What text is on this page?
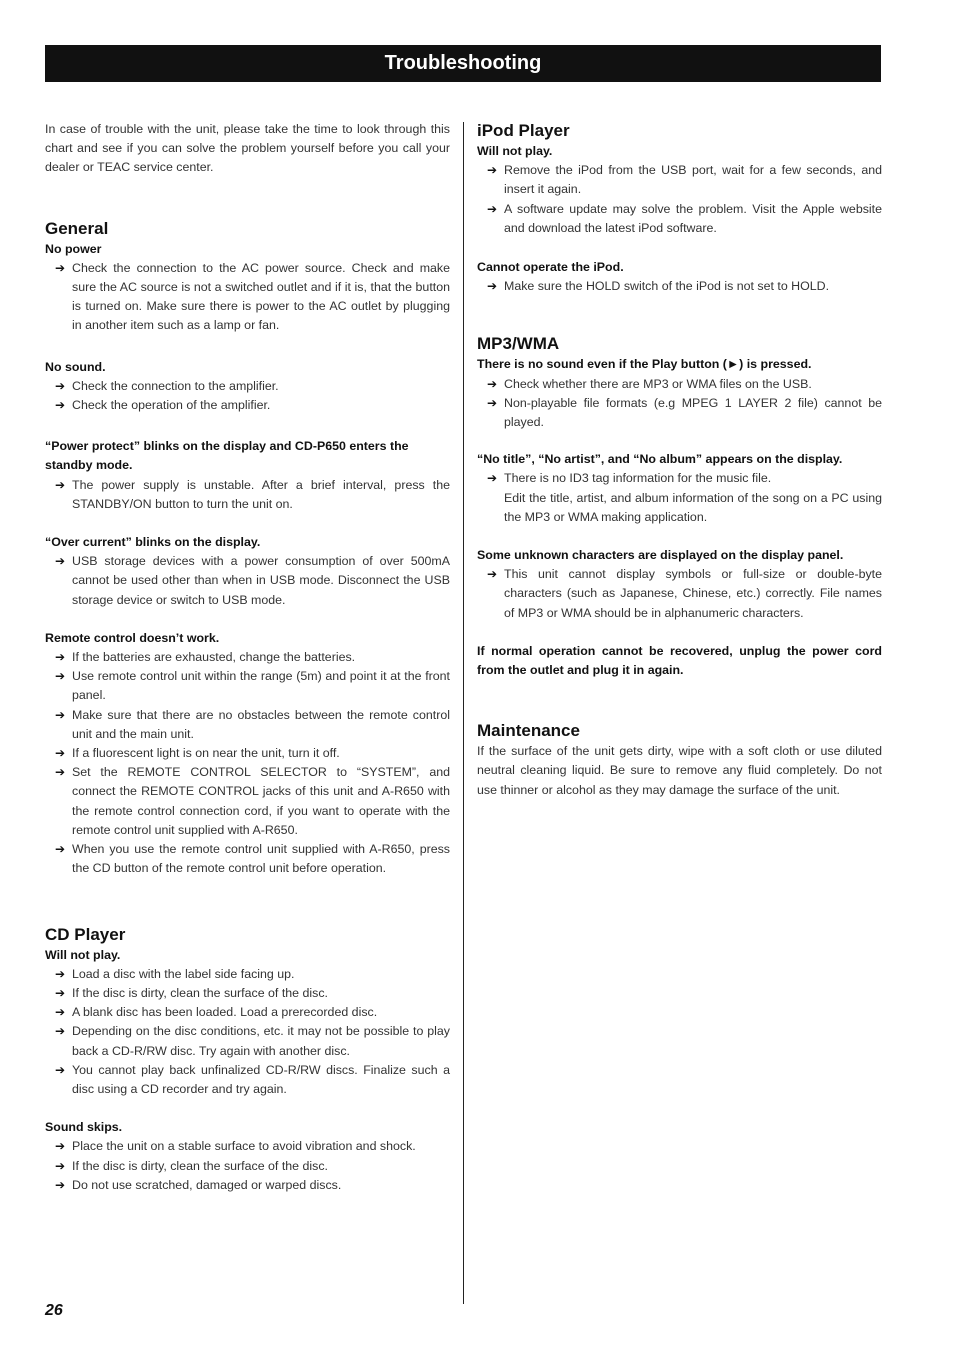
Troubleshooting
In case of trouble with the unit, please take the time to look through this chart and see if you can solve the problem yourself before you call your dealer or TEAC service center.
General
No power
➔ Check the connection to the AC power source. Check and make sure the AC source is not a switched outlet and if it is, that the button is turned on. Make sure there is power to the AC outlet by plugging in another item such as a lamp or fan.
No sound.
➔ Check the connection to the amplifier.
➔ Check the operation of the amplifier.
“Power protect” blinks on the display and CD-P650 enters the standby mode.
➔ The power supply is unstable. After a brief interval, press the STANDBY/ON button to turn the unit on.
“Over current” blinks on the display.
➔ USB storage devices with a power consumption of over 500mA cannot be used other than when in USB mode. Disconnect the USB storage device or switch to USB mode.
Remote control doesn’t work.
➔ If the batteries are exhausted, change the batteries.
➔ Use remote control unit within the range (5m) and point it at the front panel.
➔ Make sure that there are no obstacles between the remote control unit and the main unit.
➔ If a fluorescent light is on near the unit, turn it off.
➔ Set the REMOTE CONTROL SELECTOR to “SYSTEM”, and connect the REMOTE CONTROL jacks of this unit and A-R650 with the remote control connection cord, if you want to operate with the remote control unit supplied with A-R650.
➔ When you use the remote control unit supplied with A-R650, press the CD button of the remote control unit before operation.
CD Player
Will not play.
➔ Load a disc with the label side facing up.
➔ If the disc is dirty, clean the surface of the disc.
➔ A blank disc has been loaded. Load a prerecorded disc.
➔ Depending on the disc conditions, etc. it may not be possible to play back a CD-R/RW disc. Try again with another disc.
➔ You cannot play back unfinalized CD-R/RW discs. Finalize such a disc using a CD recorder and try again.
Sound skips.
➔ Place the unit on a stable surface to avoid vibration and shock.
➔ If the disc is dirty, clean the surface of the disc.
➔ Do not use scratched, damaged or warped discs.
iPod Player
Will not play.
➔ Remove the iPod from the USB port, wait for a few seconds, and insert it again.
➔ A software update may solve the problem. Visit the Apple website and download the latest iPod software.
Cannot operate the iPod.
➔ Make sure the HOLD switch of the iPod is not set to HOLD.
MP3/WMA
There is no sound even if the Play button (►) is pressed.
➔ Check whether there are MP3 or WMA files on the USB.
➔ Non-playable file formats (e.g MPEG 1 LAYER 2 file) cannot be played.
“No title”, “No artist”, and “No album” appears on the display.
➔ There is no ID3 tag information for the music file.
Edit the title, artist, and album information of the song on a PC using the MP3 or WMA making application.
Some unknown characters are displayed on the display panel.
➔ This unit cannot display symbols or full-size or double-byte characters (such as Japanese, Chinese, etc.) correctly. File names of MP3 or WMA should be in alphanumeric characters.
If normal operation cannot be recovered, unplug the power cord from the outlet and plug it in again.
Maintenance
If the surface of the unit gets dirty, wipe with a soft cloth or use diluted neutral cleaning liquid. Be sure to remove any fluid completely. Do not use thinner or alcohol as they may damage the surface of the unit.
26
